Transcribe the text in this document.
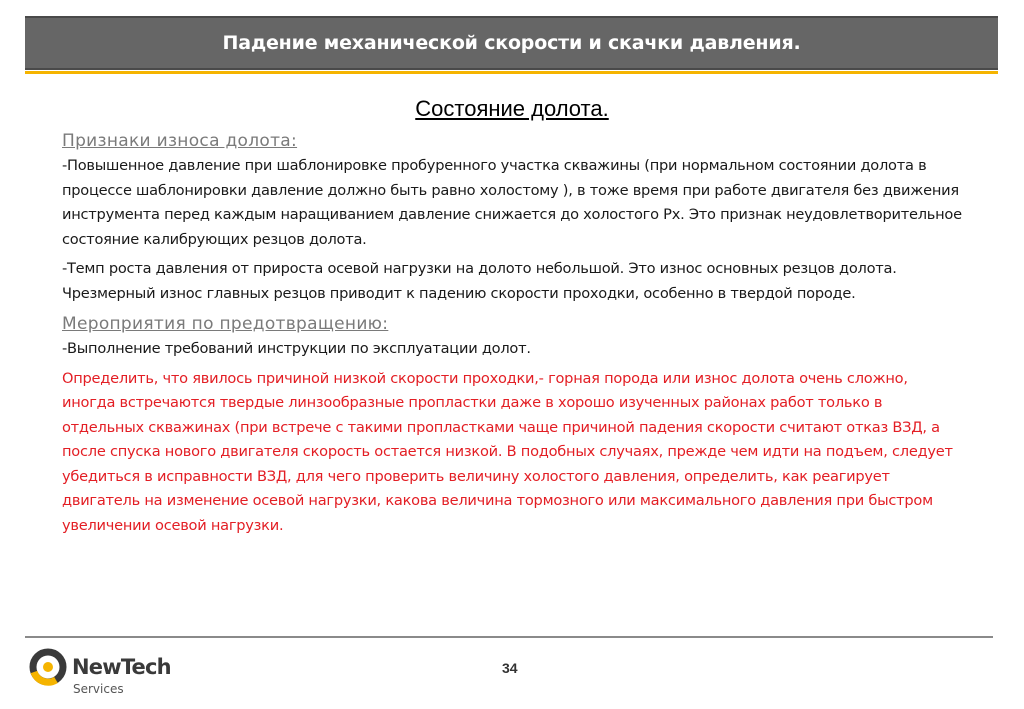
Падение механической скорости и скачки давления.
Состояние долота.
Признаки износа долота:

-Повышенное давление при шаблонировке пробуренного участка скважины (при нормальном состоянии долота в процессе шаблонировки давление должно быть равно холостому ), в тоже время при работе двигателя без движения инструмента перед каждым наращиванием давление снижается до холостого Рх. Это признак неудовлетворительное состояние калибрующих резцов долота.

-Темп роста давления от прироста осевой нагрузки на долото небольшой. Это износ основных резцов долота. Чрезмерный износ главных резцов приводит к падению скорости проходки, особенно в твердой породе.

Мероприятия по предотвращению:

-Выполнение требований инструкции по эксплуатации долот.

Определить, что явилось причиной низкой скорости проходки,- горная порода или износ долота очень сложно, иногда встречаются твердые линзообразные пропластки даже в хорошо изученных районах работ только в отдельных скважинах (при встрече с такими пропластками чаще причиной падения скорости считают отказ ВЗД, а после спуска нового двигателя скорость остается низкой. В подобных случаях, прежде чем идти на подъем, следует убедиться в исправности ВЗД, для чего проверить величину холостого давления, определить, как реагирует двигатель на изменение осевой нагрузки, какова величина тормозного или максимального давления при быстром увеличении осевой нагрузки.

34
NewTech
Services
